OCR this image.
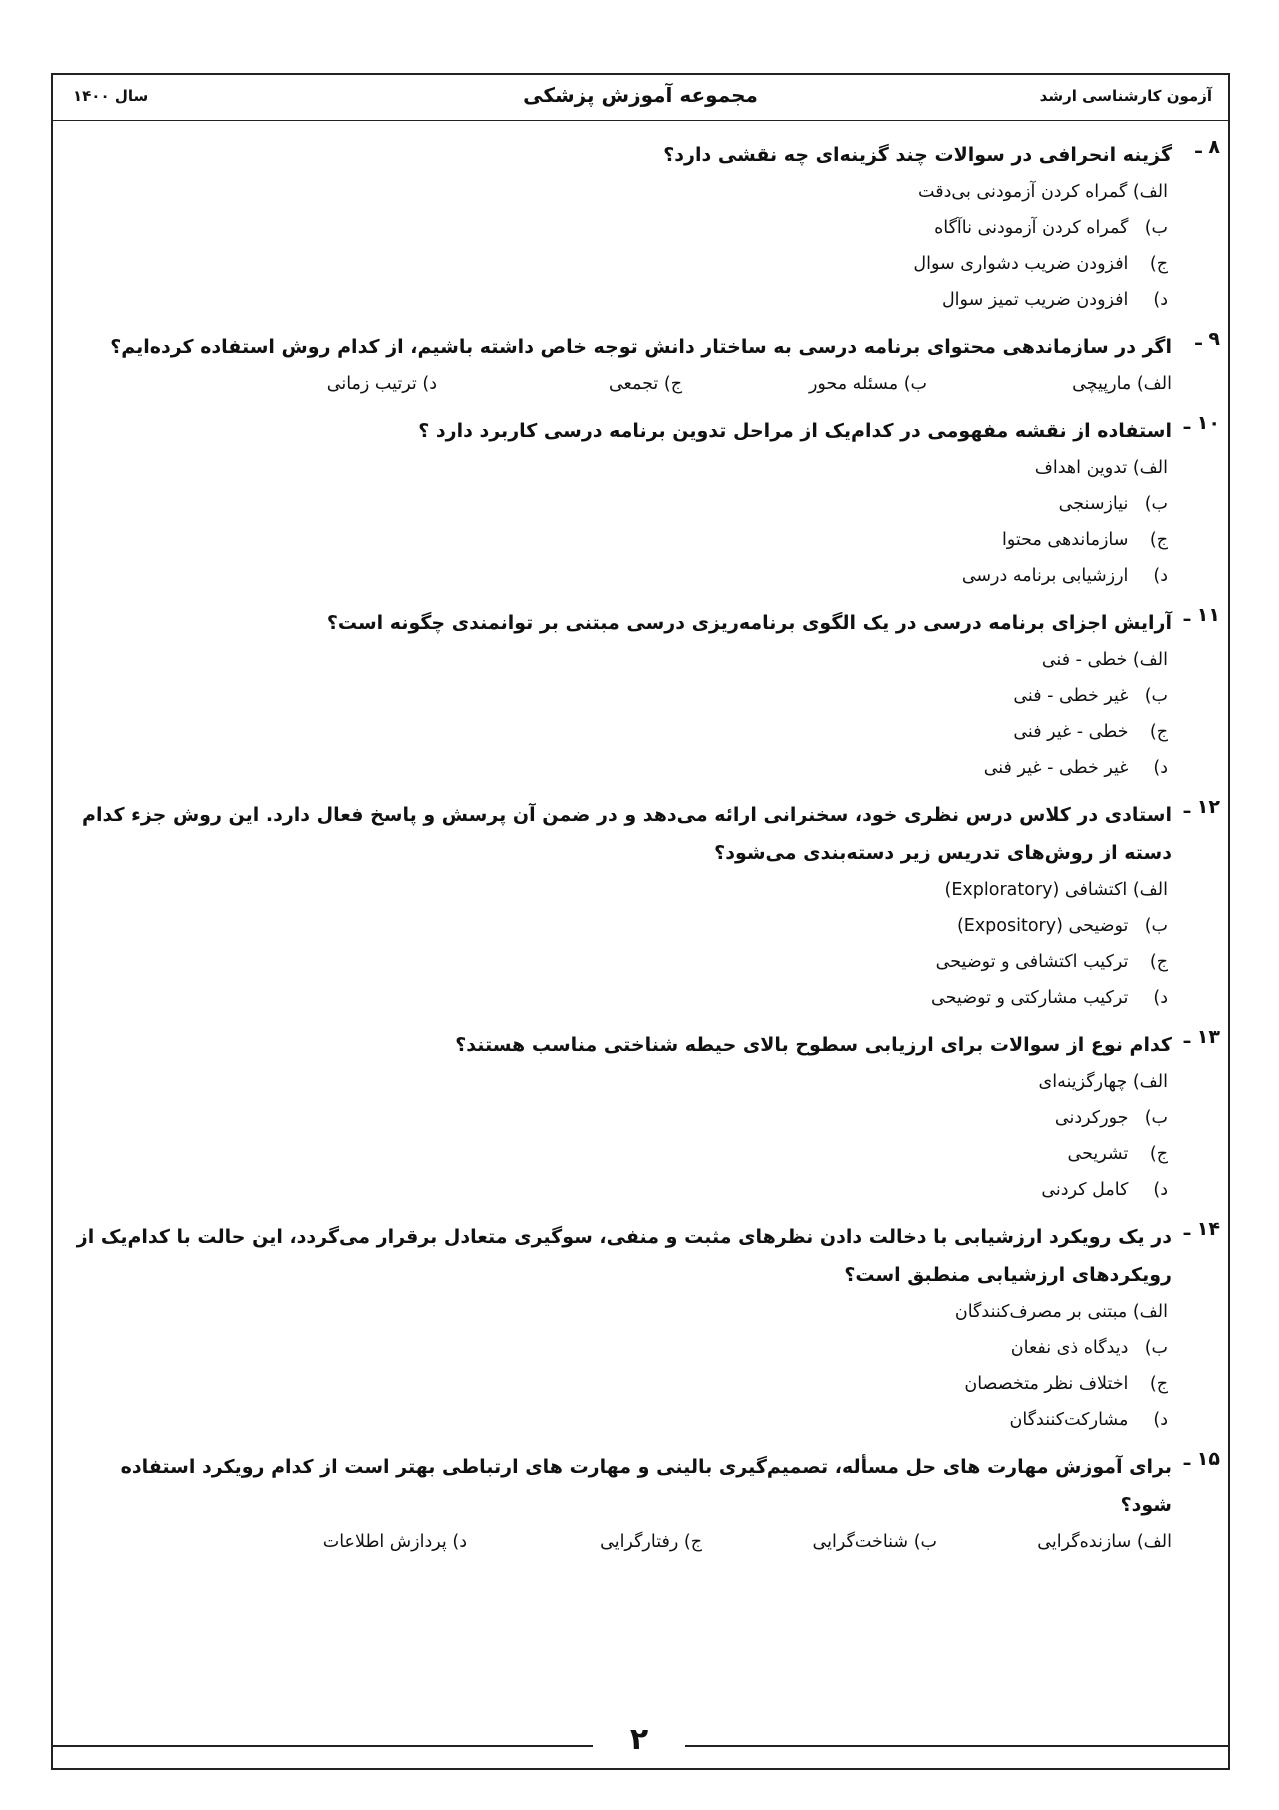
آزمون کارشناسی ارشد
مجموعه آموزش پزشکی
سال ۱۴۰۰
۸ ـ
گزینه انحرافی در سوالات چند گزینه‌ای چه نقشی دارد؟
الف) گمراه کردن آزمودنی بی‌دقت
ب) گمراه کردن آزمودنی ناآگاه
ج) افزودن ضریب دشواری سوال
د) افزودن ضریب تمیز سوال
۹ ـ
اگر در سازماندهی محتوای برنامه درسی به ساختار دانش توجه خاص داشته باشیم، از کدام روش استفاده کرده‌ایم؟
الف) مارپیچی
ب) مسئله محور
ج) تجمعی
د) ترتیب زمانی
۱۰ ـ
استفاده از نقشه مفهومی در کدام‌یک از مراحل تدوین برنامه درسی کاربرد دارد ؟
الف) تدوین اهداف
ب) نیازسنجی
ج) سازماندهی محتوا
د) ارزشیابی برنامه درسی
۱۱ ـ
آرایش اجزای برنامه درسی در یک الگوی برنامه‌ریزی درسی مبتنی بر توانمندی چگونه است؟
الف) خطی - فنی
ب) غیر خطی - فنی
ج) خطی - غیر فنی
د) غیر خطی - غیر فنی
۱۲ ـ
استادی در کلاس درس نظری خود، سخنرانی ارائه می‌دهد و در ضمن آن پرسش و پاسخ فعال دارد. این روش جزء کدام دسته از روش‌های تدریس زیر دسته‌بندی می‌شود؟
الف) اکتشافی (Exploratory)
ب) توضیحی (Expository)
ج) ترکیب اکتشافی و توضیحی
د) ترکیب مشارکتی و توضیحی
۱۳ ـ
کدام نوع از سوالات برای ارزیابی سطوح بالای حیطه شناختی مناسب هستند؟
الف) چهارگزینه‌ای
ب) جورکردنی
ج) تشریحی
د) کامل کردنی
۱۴ ـ
در یک رویکرد ارزشیابی با دخالت دادن نظرهای مثبت و منفی، سوگیری متعادل برقرار می‌گردد، این حالت با کدام‌یک از رویکردهای ارزشیابی منطبق است؟
الف) مبتنی بر مصرف‌کنندگان
ب) دیدگاه ذی نفعان
ج) اختلاف نظر متخصصان
د) مشارکت‌کنندگان
۱۵ ـ
برای آموزش مهارت های حل مسأله، تصمیم‌گیری بالینی و مهارت های ارتباطی بهتر است از کدام رویکرد استفاده شود؟
الف) سازنده‌گرایی
ب) شناخت‌گرایی
ج) رفتارگرایی
د) پردازش اطلاعات
۲
